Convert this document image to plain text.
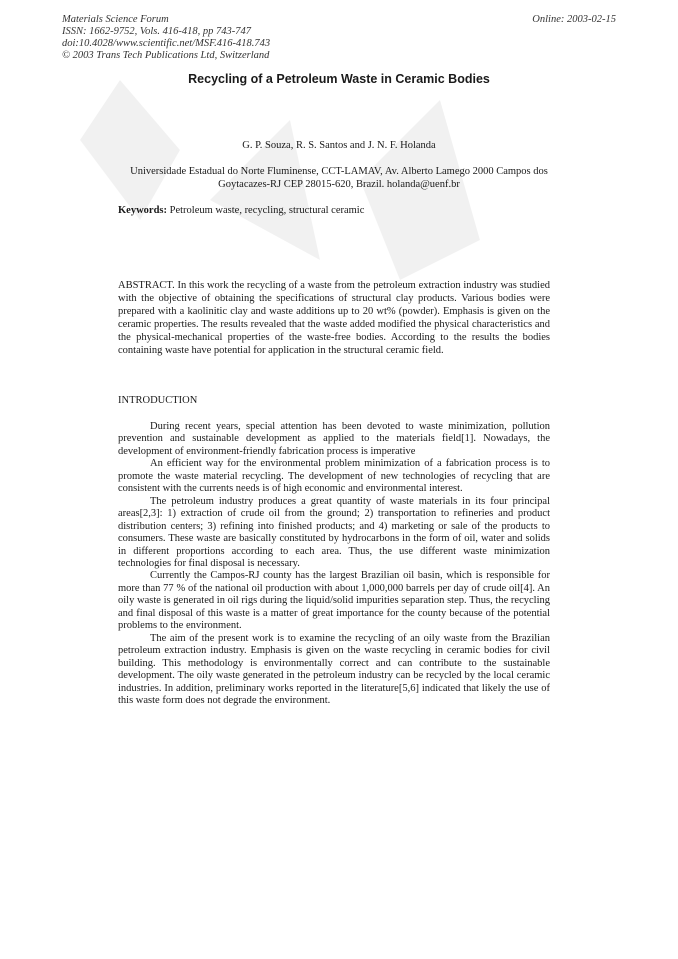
Materials Science Forum
ISSN: 1662-9752, Vols. 416-418, pp 743-747
doi:10.4028/www.scientific.net/MSF.416-418.743
© 2003 Trans Tech Publications Ltd, Switzerland
Online: 2003-02-15
Recycling of a Petroleum Waste in Ceramic Bodies
G. P. Souza, R. S. Santos and J. N. F. Holanda
Universidade Estadual do Norte Fluminense, CCT-LAMAV, Av. Alberto Lamego 2000 Campos dos Goytacazes-RJ CEP 28015-620, Brazil. holanda@uenf.br
Keywords: Petroleum waste, recycling, structural ceramic
ABSTRACT. In this work the recycling of a waste from the petroleum extraction industry was studied with the objective of obtaining the specifications of structural clay products. Various bodies were prepared with a kaolinitic clay and waste additions up to 20 wt% (powder). Emphasis is given on the ceramic properties. The results revealed that the waste added modified the physical characteristics and the physical-mechanical properties of the waste-free bodies. According to the results the bodies containing waste have potential for application in the structural ceramic field.
INTRODUCTION

During recent years, special attention has been devoted to waste minimization, pollution prevention and sustainable development as applied to the materials field[1]. Nowadays, the development of environment-friendly fabrication process is imperative

An efficient way for the environmental problem minimization of a fabrication process is to promote the waste material recycling. The development of new technologies of recycling that are consistent with the currents needs is of high economic and environmental interest.

The petroleum industry produces a great quantity of waste materials in its four principal areas[2,3]: 1) extraction of crude oil from the ground; 2) transportation to refineries and product distribution centers; 3) refining into finished products; and 4) marketing or sale of the products to consumers. These waste are basically constituted by hydrocarbons in the form of oil, water and solids in different proportions according to each area. Thus, the use different waste minimization technologies for final disposal is necessary.

Currently the Campos-RJ county has the largest Brazilian oil basin, which is responsible for more than 77 % of the national oil production with about 1,000,000 barrels per day of crude oil[4]. An oily waste is generated in oil rigs during the liquid/solid impurities separation step. Thus, the recycling and final disposal of this waste is a matter of great importance for the county because of the potential problems to the environment.

The aim of the present work is to examine the recycling of an oily waste from the Brazilian petroleum extraction industry. Emphasis is given on the waste recycling in ceramic bodies for civil building. This methodology is environmentally correct and can contribute to the sustainable development. The oily waste generated in the petroleum industry can be recycled by the local ceramic industries. In addition, preliminary works reported in the literature[5,6] indicated that likely the use of this waste form does not degrade the environment.
